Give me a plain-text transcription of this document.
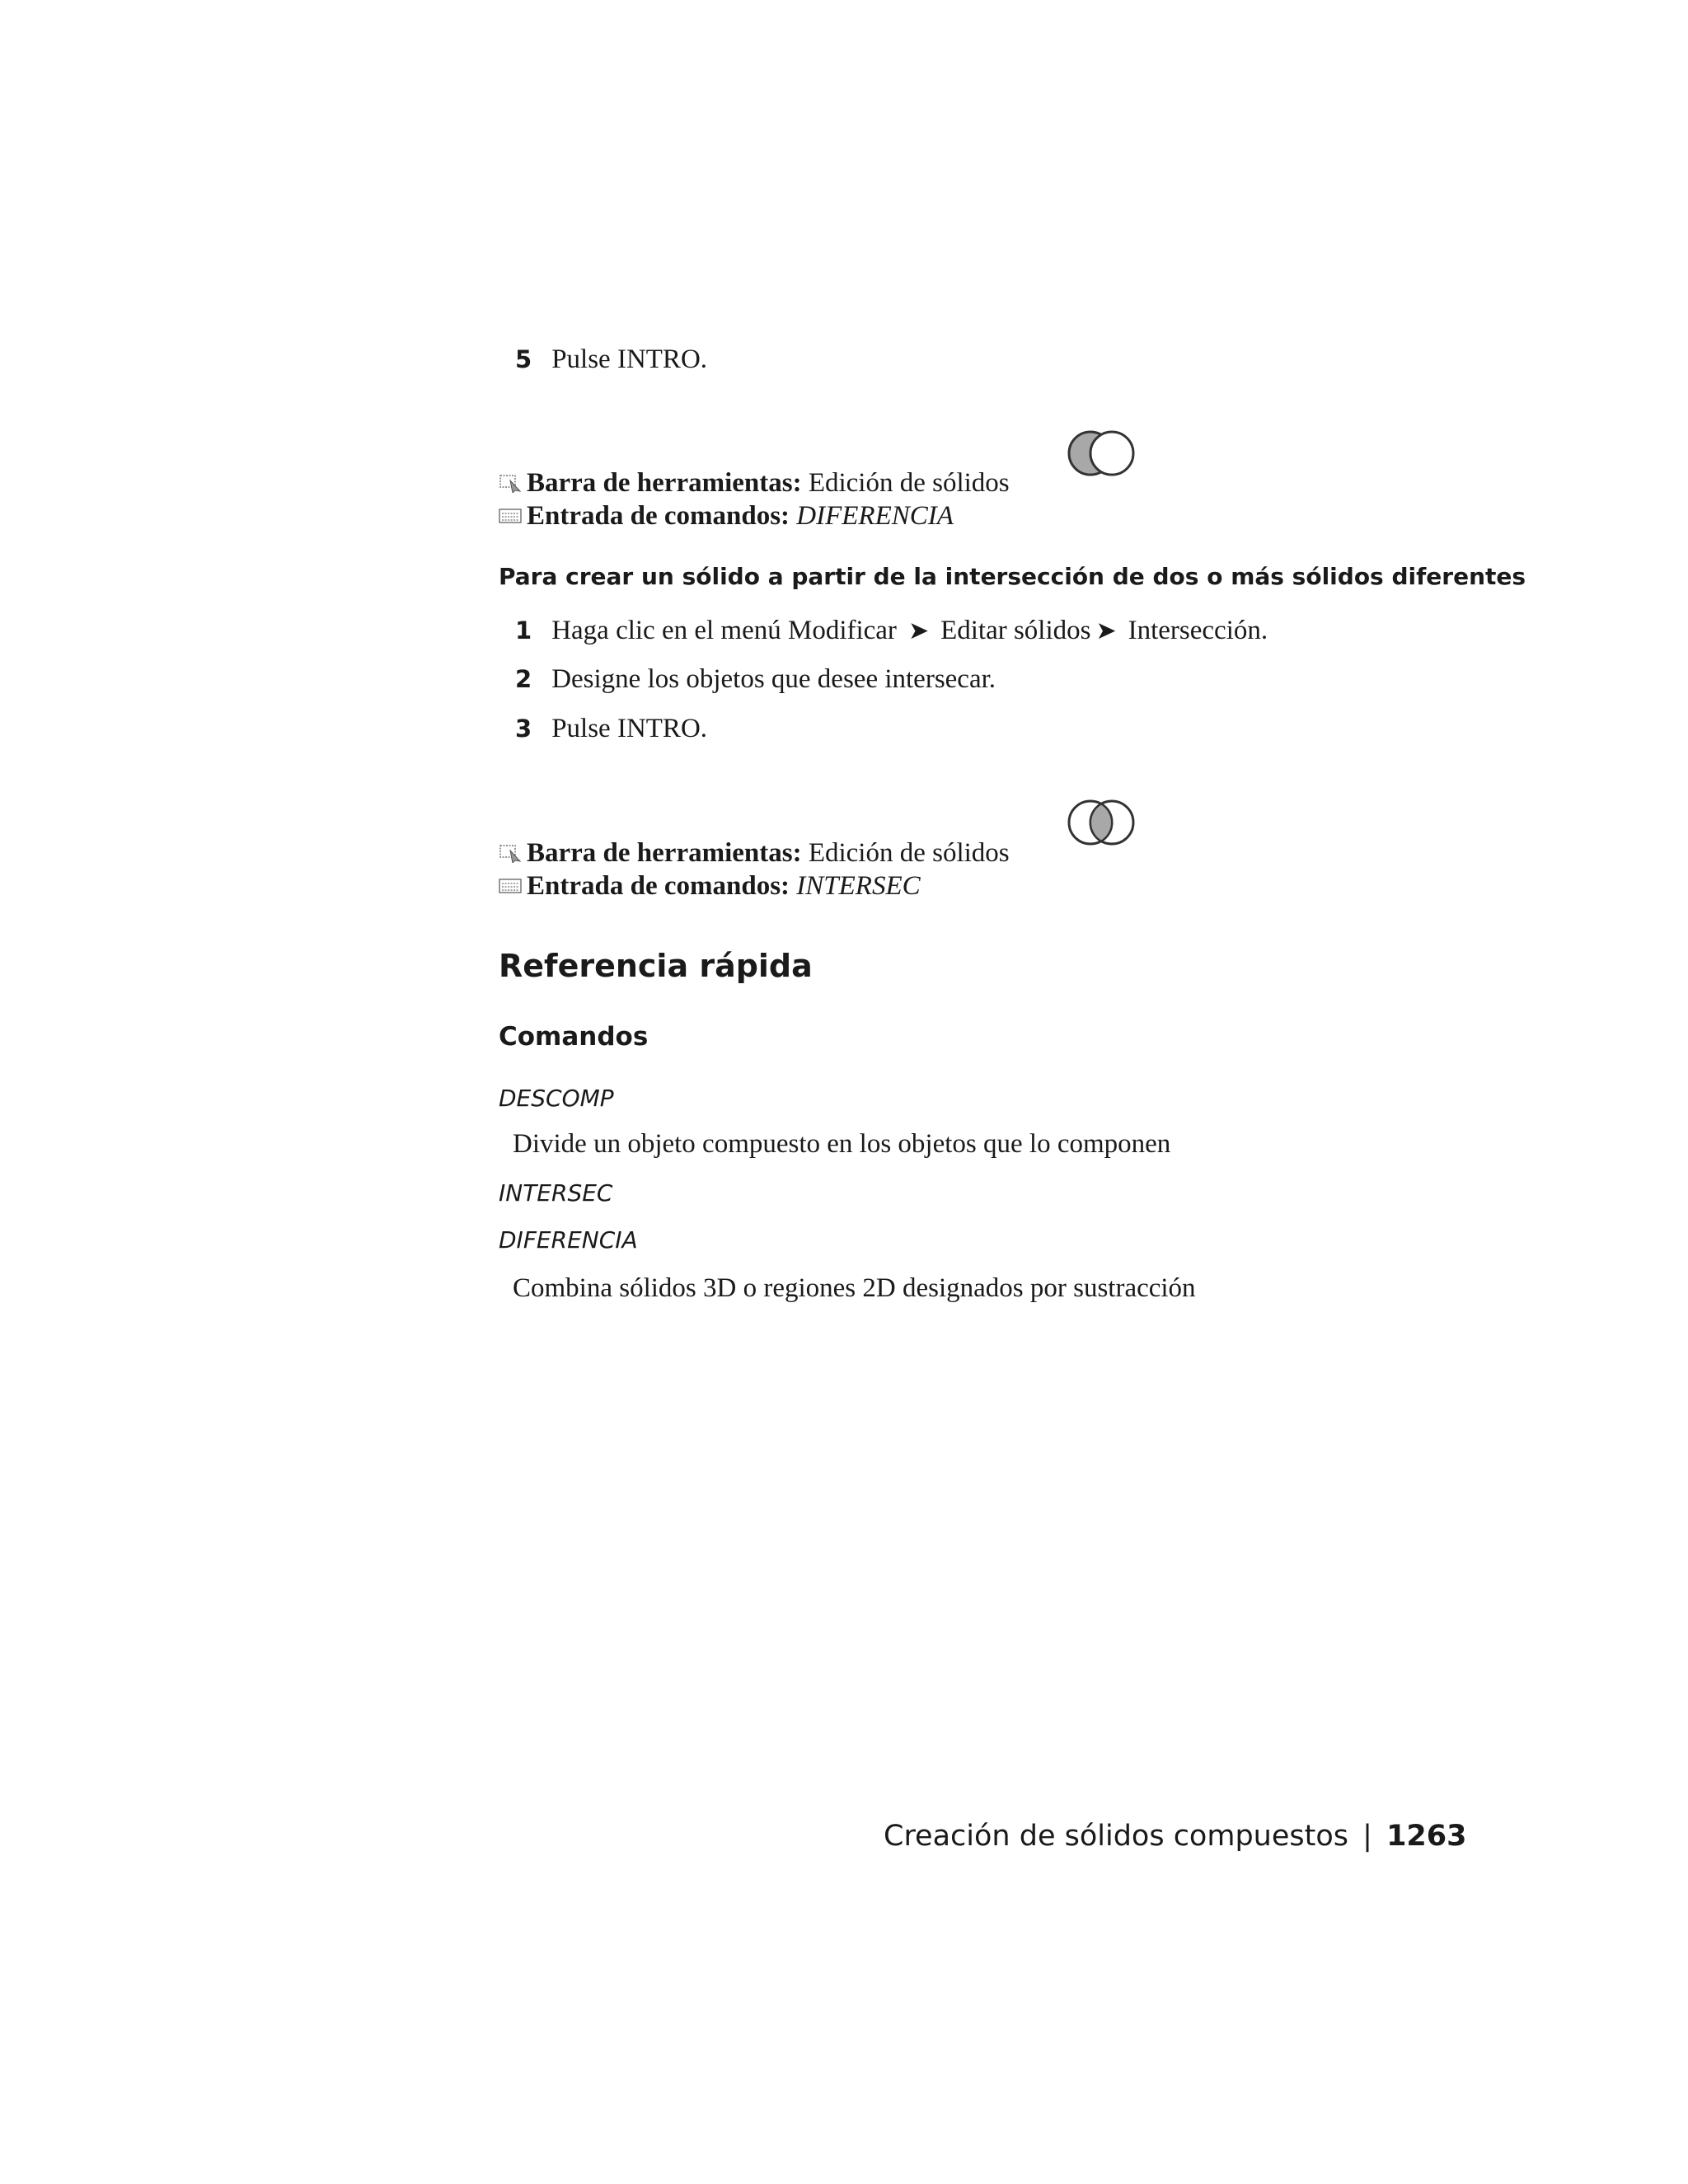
5 Pulse INTRO.
Barra de herramientas: Edición de sólidos
Entrada de comandos: DIFERENCIA
Para crear un sólido a partir de la intersección de dos o más sólidos diferentes
1 Haga clic en el menú Modificar ➤ Editar sólidos ➤ Intersección.
2 Designe los objetos que desee intersecar.
3 Pulse INTRO.
Barra de herramientas: Edición de sólidos
Entrada de comandos: INTERSEC
Referencia rápida
Comandos
DESCOMP
Divide un objeto compuesto en los objetos que lo componen
INTERSEC
DIFERENCIA
Combina sólidos 3D o regiones 2D designados por sustracción
Creación de sólidos compuestos | 1263
